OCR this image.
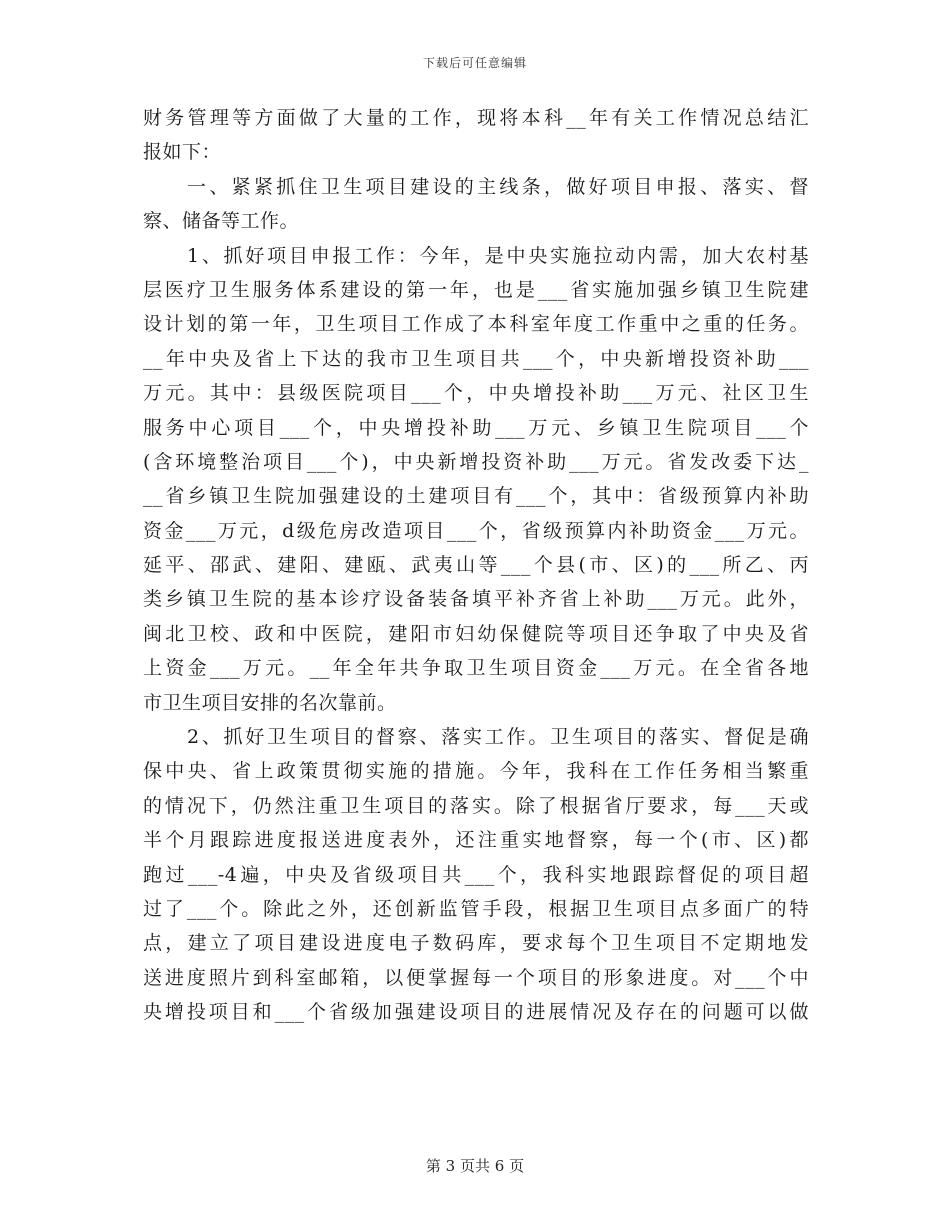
下载后可任意编辑
财务管理等方面做了大量的工作，现将本科__年有关工作情况总结汇
报如下：
一、紧紧抓住卫生项目建设的主线条，做好项目申报、落实、督
察、储备等工作。
1、抓好项目申报工作：今年，是中央实施拉动内需，加大农村基
层医疗卫生服务体系建设的第一年，也是___省实施加强乡镇卫生院建
设计划的第一年，卫生项目工作成了本科室年度工作重中之重的任务。
__年中央及省上下达的我市卫生项目共___个，中央新增投资补助___
万元。其中：县级医院项目___个，中央增投补助___万元、社区卫生
服务中心项目___个，中央增投补助___万元、乡镇卫生院项目___个
(含环境整治项目___个)，中央新增投资补助___万元。省发改委下达_
__省乡镇卫生院加强建设的土建项目有___个，其中：省级预算内补助
资金___万元，d级危房改造项目___个，省级预算内补助资金___万元。
延平、邵武、建阳、建瓯、武夷山等___个县(市、区)的___所乙、丙
类乡镇卫生院的基本诊疗设备装备填平补齐省上补助___万元。此外，
闽北卫校、政和中医院，建阳市妇幼保健院等项目还争取了中央及省
上资金___万元。__年全年共争取卫生项目资金___万元。在全省各地
市卫生项目安排的名次靠前。
2、抓好卫生项目的督察、落实工作。卫生项目的落实、督促是确
保中央、省上政策贯彻实施的措施。今年，我科在工作任务相当繁重
的情况下，仍然注重卫生项目的落实。除了根据省厅要求，每___天或
半个月跟踪进度报送进度表外，还注重实地督察，每一个(市、区)都
跑过___-4遍，中央及省级项目共___个，我科实地跟踪督促的项目超
过了___个。除此之外，还创新监管手段，根据卫生项目点多面广的特
点，建立了项目建设进度电子数码库，要求每个卫生项目不定期地发
送进度照片到科室邮箱，以便掌握每一个项目的形象进度。对___个中
央增投项目和___个省级加强建设项目的进展情况及存在的问题可以做
第 3 页共 6 页
